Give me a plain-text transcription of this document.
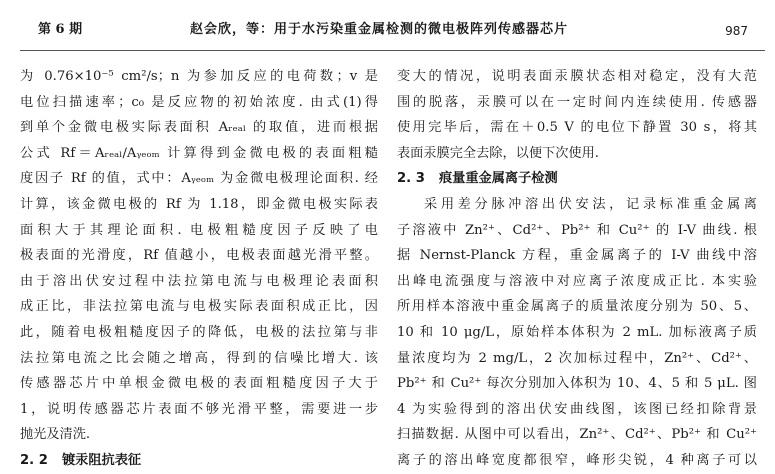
第 6 期	赵会欣，等：用于水污染重金属检测的微电极阵列传感器芯片	987
为 0.76×10⁻⁵ cm²/s；n 为参加反应的电荷数；v 是
电位扫描速率；c₀ 是反应物的初始浓度. 由式(1)得
到单个金微电极实际表面积 Aᵣₑₐₗ 的取值，进而根据
公式 Rf＝Aᵣₑₐₗ/Aᵧₑₒₘ 计算得到金微电极的表面粗糙
度因子 Rf 的值，式中：Aᵧₑₒₘ 为金微电极理论面积. 经
计算，该金微电极的 Rf 为 1.18，即金微电极实际表
面积大于其理论面积. 电极粗糙度因子反映了电
极表面的光滑度，Rf 值越小，电极表面越光滑平整。
由于溶出伏安过程中法拉第电流与电极理论表面积
成正比，非法拉第电流与电极实际表面积成正比，因
此，随着电极粗糙度因子的降低，电极的法拉第与非
法拉第电流之比会随之增高，得到的信噪比增大. 该
传感器芯片中单根金微电极的表面粗糙度因子大于
1，说明传感器芯片表面不够光滑平整，需要进一步
抛光及清洗.
2. 2 镀汞阻抗表征
变大的情况，说明表面汞膜状态相对稳定，没有大范
围的脱落，汞膜可以在一定时间内连续使用. 传感器
使用完毕后，需在＋0.5 V 的电位下静置 30 s，将其
表面汞膜完全去除，以便下次使用.
2. 3 痕量重金属离子检测
采用差分脉冲溶出伏安法，记录标准重金属离
子溶液中 Zn²⁺、Cd²⁺、Pb²⁺ 和 Cu²⁺ 的 I-V 曲线. 根
据 Nernst-Planck 方程，重金属离子的 I-V 曲线中溶
出峰电流强度与溶液中对应离子浓度成正比. 本实验
所用样本溶液中重金属离子的质量浓度分别为 50、5、
10 和 10 μg/L，原始样本体积为 2 mL. 加标液离子质
量浓度均为 2 mg/L，2 次加标过程中，Zn²⁺、Cd²⁺、
Pb²⁺ 和 Cu²⁺ 每次分别加入体积为 10、4、5 和 5 μL. 图
4 为实验得到的溶出伏安曲线图，该图已经扣除背景
扫描数据. 从图中可以看出，Zn²⁺、Cd²⁺、Pb²⁺ 和 Cu²⁺
离子的溶出峰宽度都很窄，峰形尖锐，4 种离子可以
